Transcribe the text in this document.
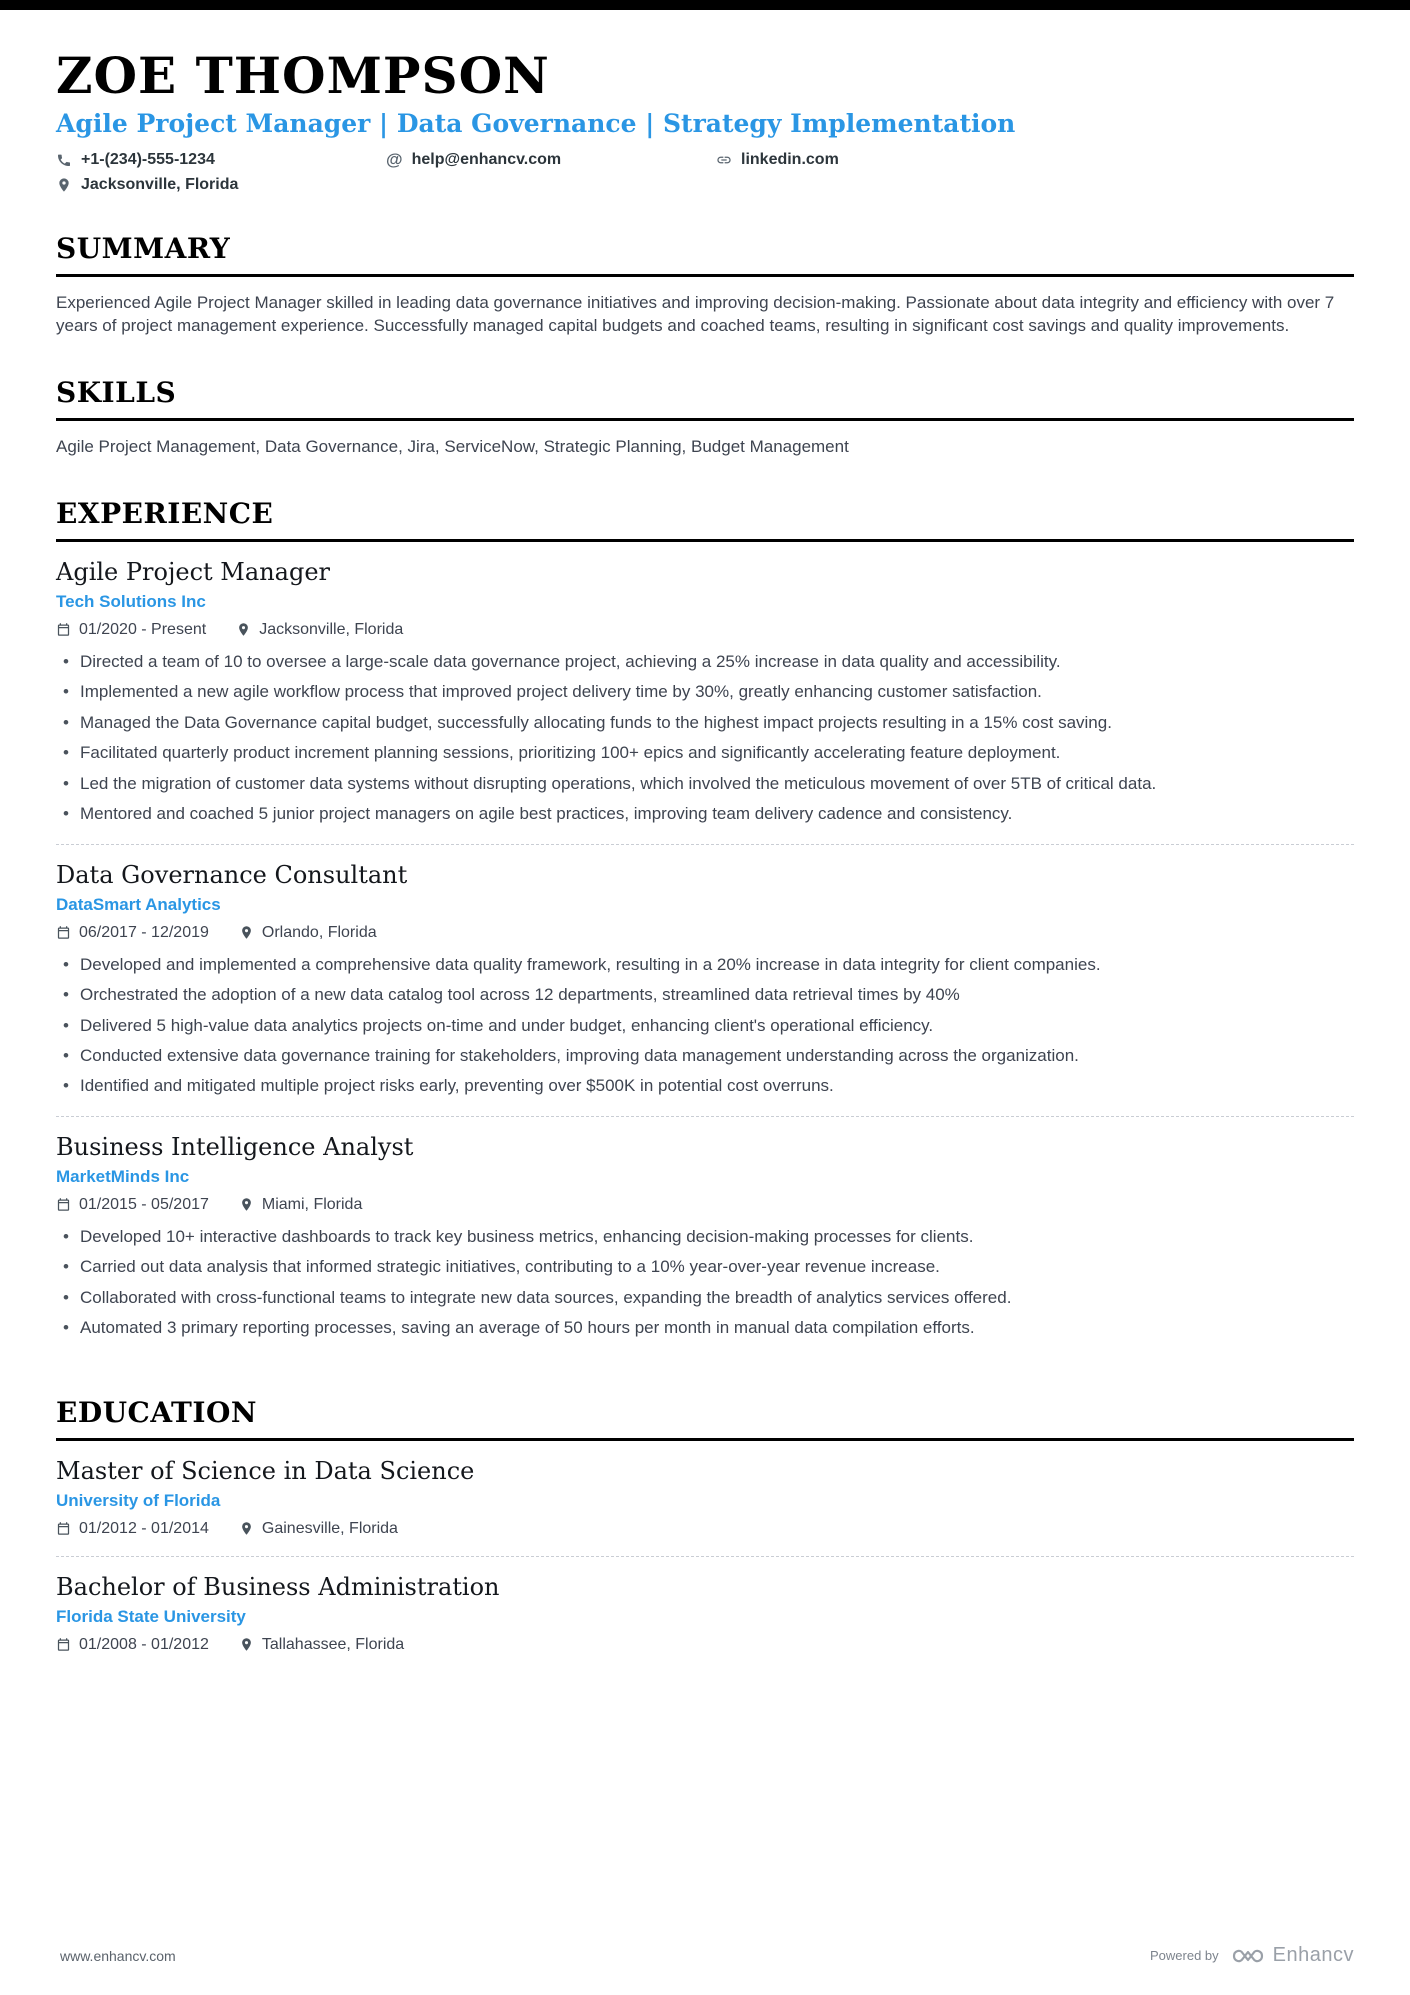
ZOE THOMPSON
Agile Project Manager | Data Governance | Strategy Implementation
+1-(234)-555-1234	@ help@enhancv.com	linkedin.com
Jacksonville, Florida
SUMMARY

Experienced Agile Project Manager skilled in leading data governance initiatives and improving decision-making. Passionate about data integrity and efficiency with over 7 years of project management experience. Successfully managed capital budgets and coached teams, resulting in significant cost savings and quality improvements.

SKILLS

Agile Project Management, Data Governance, Jira, ServiceNow, Strategic Planning, Budget Management

EXPERIENCE
Agile Project Manager
Tech Solutions Inc
01/2020 - Present	Jacksonville, Florida
• Directed a team of 10 to oversee a large-scale data governance project, achieving a 25% increase in data quality and accessibility.
• Implemented a new agile workflow process that improved project delivery time by 30%, greatly enhancing customer satisfaction.
• Managed the Data Governance capital budget, successfully allocating funds to the highest impact projects resulting in a 15% cost saving.
• Facilitated quarterly product increment planning sessions, prioritizing 100+ epics and significantly accelerating feature deployment.
• Led the migration of customer data systems without disrupting operations, which involved the meticulous movement of over 5TB of critical data.
• Mentored and coached 5 junior project managers on agile best practices, improving team delivery cadence and consistency.
Data Governance Consultant
DataSmart Analytics
06/2017 - 12/2019	Orlando, Florida
• Developed and implemented a comprehensive data quality framework, resulting in a 20% increase in data integrity for client companies.
• Orchestrated the adoption of a new data catalog tool across 12 departments, streamlined data retrieval times by 40%
• Delivered 5 high-value data analytics projects on-time and under budget, enhancing client's operational efficiency.
• Conducted extensive data governance training for stakeholders, improving data management understanding across the organization.
• Identified and mitigated multiple project risks early, preventing over $500K in potential cost overruns.
Business Intelligence Analyst
MarketMinds Inc
01/2015 - 05/2017	Miami, Florida
• Developed 10+ interactive dashboards to track key business metrics, enhancing decision-making processes for clients.
• Carried out data analysis that informed strategic initiatives, contributing to a 10% year-over-year revenue increase.
• Collaborated with cross-functional teams to integrate new data sources, expanding the breadth of analytics services offered.
• Automated 3 primary reporting processes, saving an average of 50 hours per month in manual data compilation efforts.
EDUCATION
Master of Science in Data Science
University of Florida
01/2012 - 01/2014	Gainesville, Florida
Bachelor of Business Administration
Florida State University
01/2008 - 01/2012	Tallahassee, Florida
www.enhancv.com	Powered by	Enhancv
